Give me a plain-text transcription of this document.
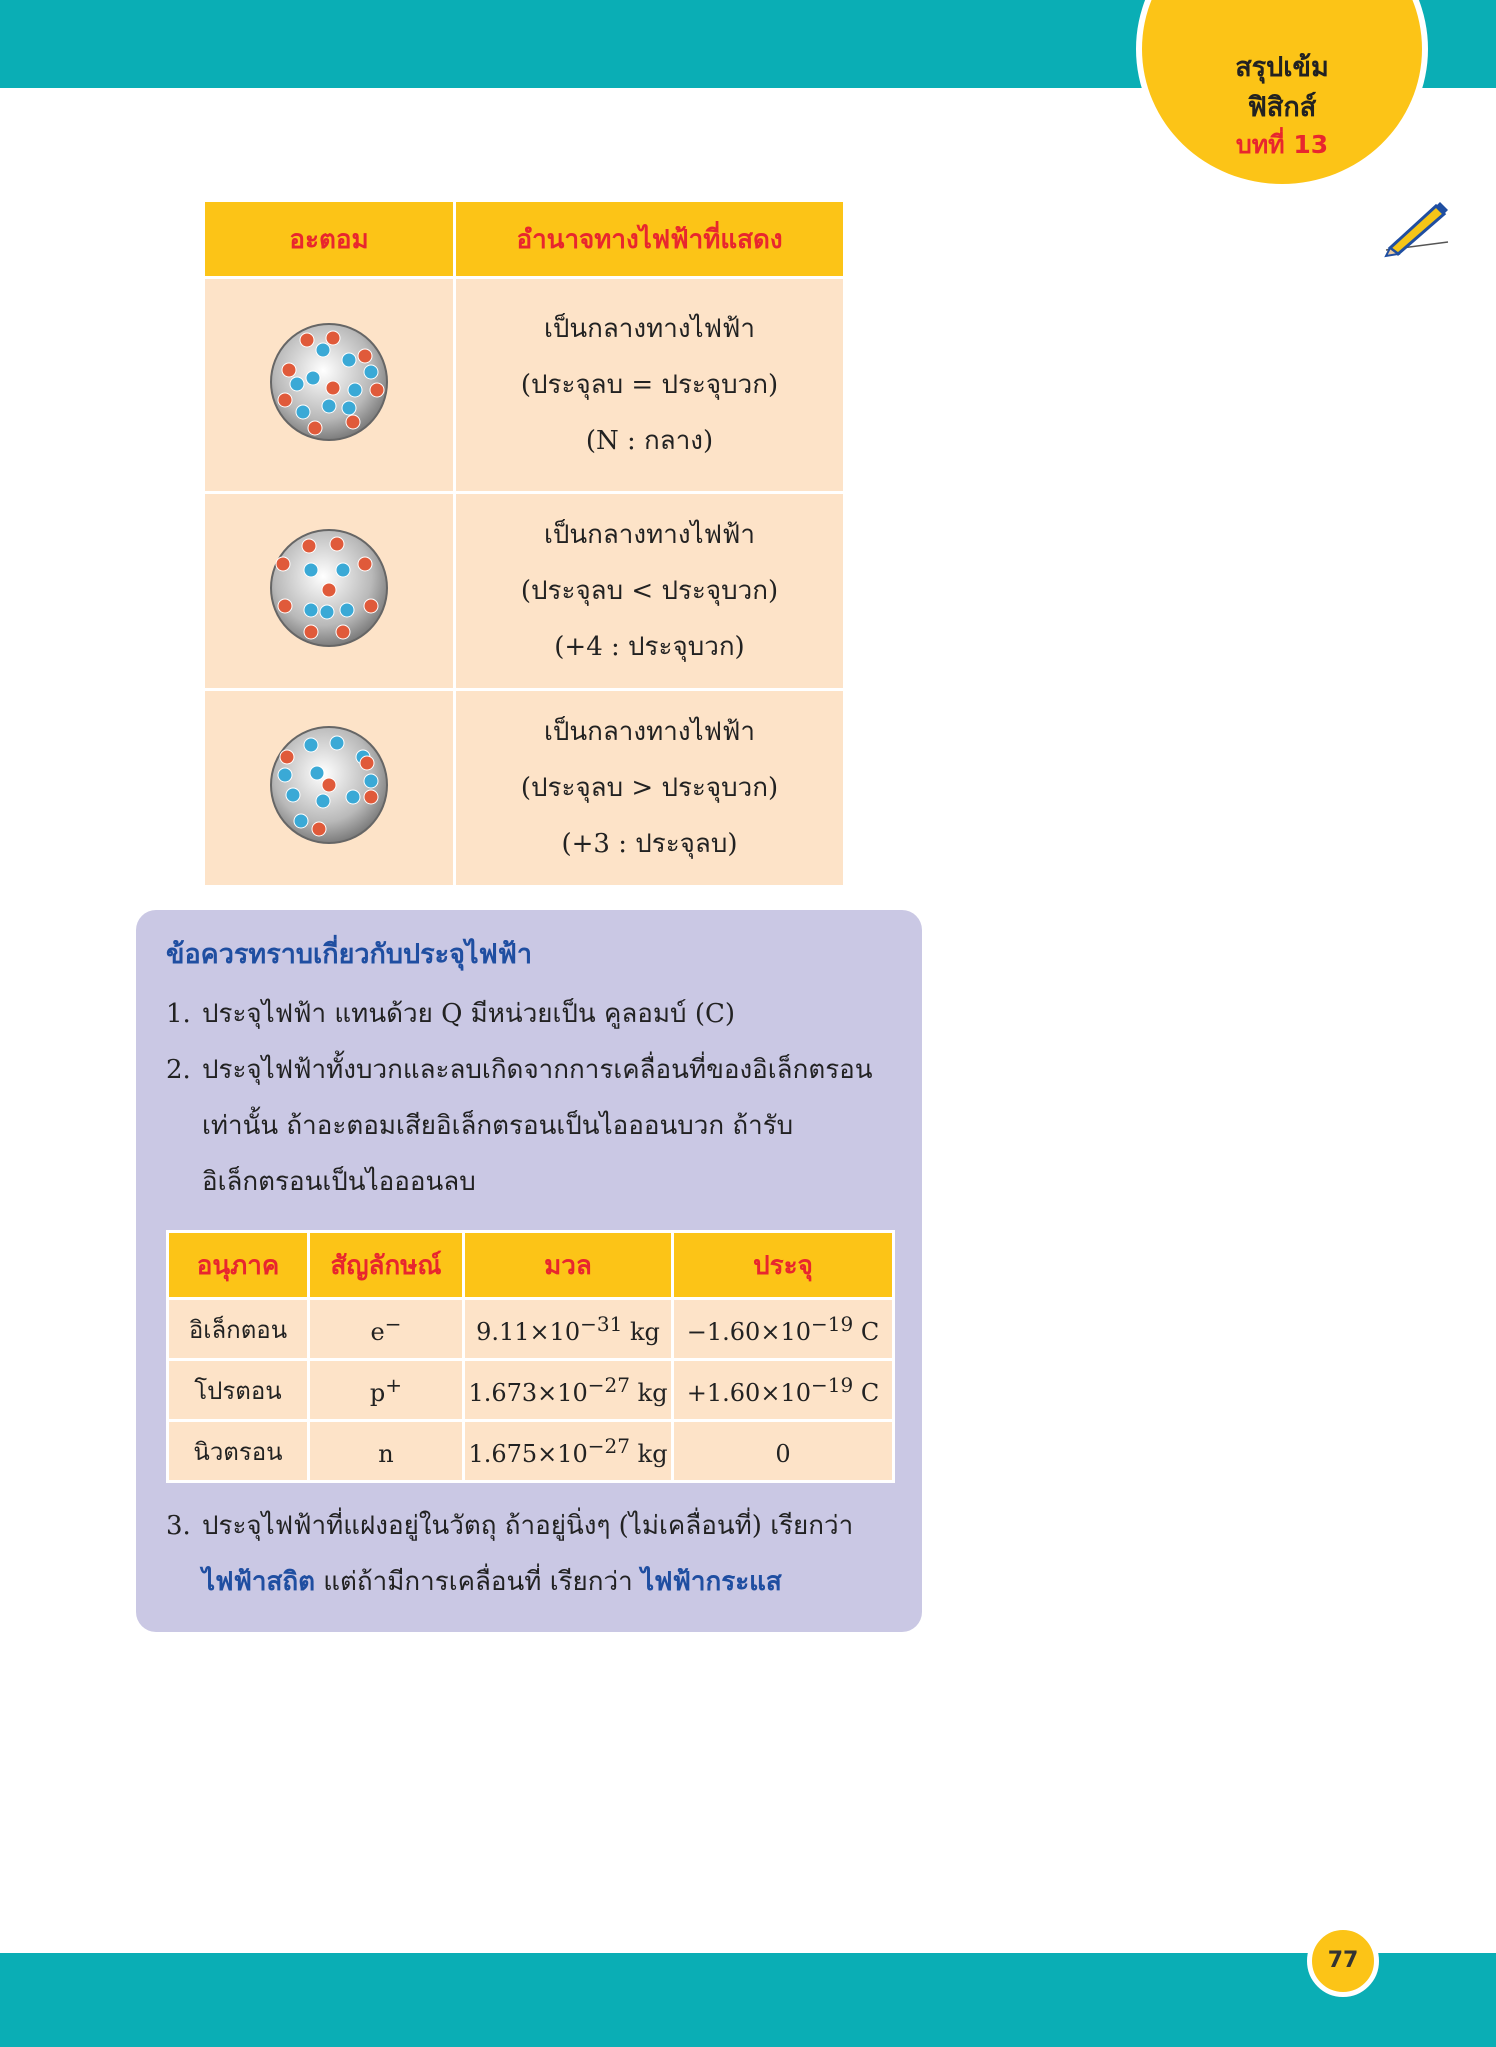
สรุปเข้ม
ฟิสิกส์
บทที่ 13
อะตอม	อำนาจทางไฟฟ้าที่แสดง

เป็นกลางทางไฟฟ้า
(ประจุลบ = ประจุบวก)
(N : กลาง)

เป็นกลางทางไฟฟ้า
(ประจุลบ < ประจุบวก)
(+4 : ประจุบวก)

เป็นกลางทางไฟฟ้า
(ประจุลบ > ประจุบวก)
(+3 : ประจุลบ)
ข้อควรทราบเกี่ยวกับประจุไฟฟ้า
1. ประจุไฟฟ้า แทนด้วย Q มีหน่วยเป็น คูลอมบ์ (C)
2. ประจุไฟฟ้าทั้งบวกและลบเกิดจากการเคลื่อนที่ของอิเล็กตรอน
เท่านั้น ถ้าอะตอมเสียอิเล็กตรอนเป็นไอออนบวก ถ้ารับ
อิเล็กตรอนเป็นไอออนลบ
อนุภาค	สัญลักษณ์	มวล	ประจุ
อิเล็กตอน	e−	$9.11\times 10^{-31}$ kg	$-1.60\times 10^{-19}$ C
โปรตอน	p+	$1.673\times 10^{-27}$ kg	$+1.60\times 10^{-19}$ C
นิวตรอน	n	$1.675\times 10^{-27}$ kg	0
3. ประจุไฟฟ้าที่แฝงอยู่ในวัตถุ ถ้าอยู่นิ่งๆ (ไม่เคลื่อนที่) เรียกว่า
ไฟฟ้าสถิต แต่ถ้ามีการเคลื่อนที่ เรียกว่า ไฟฟ้ากระแส
77
